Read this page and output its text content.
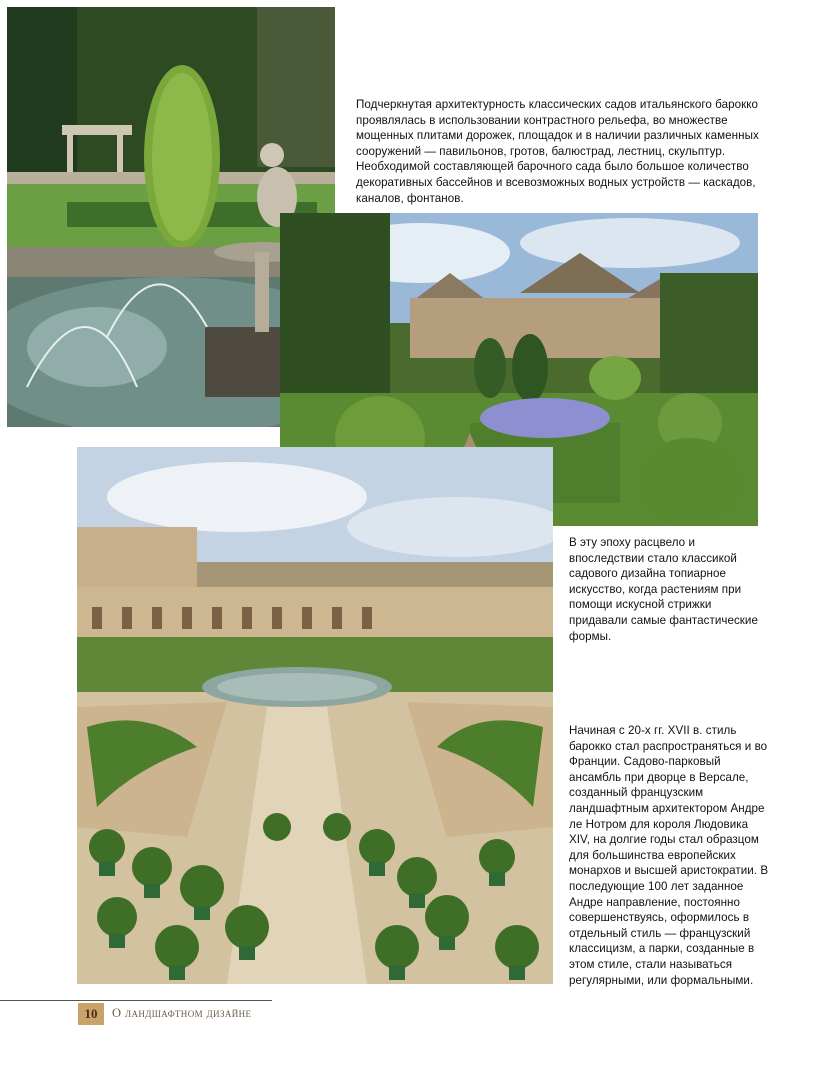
Подчеркнутая архитектурность классических садов итальянского барокко проявлялась в использовании контрастного рельефа, во множестве мощенных плитами дорожек, площадок и в наличии различных каменных сооружений — павильонов, гротов, балюстрад, лестниц, скульптур. Необходимой составляющей барочного сада было большое количество декоративных бассейнов и всевозможных водных устройств — каскадов, каналов, фонтанов.

В эту эпоху расцвело и впоследствии стало классикой садового дизайна топиарное искусство, когда растениям при помощи искусной стрижки придавали самые фантастические формы.

Начиная с 20-х гг. XVII в. стиль барокко стал распространяться и во Франции. Садово-парковый ансамбль при дворце в Версале, созданный французским ландшафтным архитектором Андре ле Нотром для короля Людовика XIV, на долгие годы стал образцом для большинства европейских монархов и высшей аристократии. В последующие 100 лет заданное Андре направление, постоянно совершенствуясь, оформилось в отдельный стиль — французский классицизм, а парки, созданные в этом стиле, стали называться регулярными, или формальными.

10	О ландшафтном дизайне
